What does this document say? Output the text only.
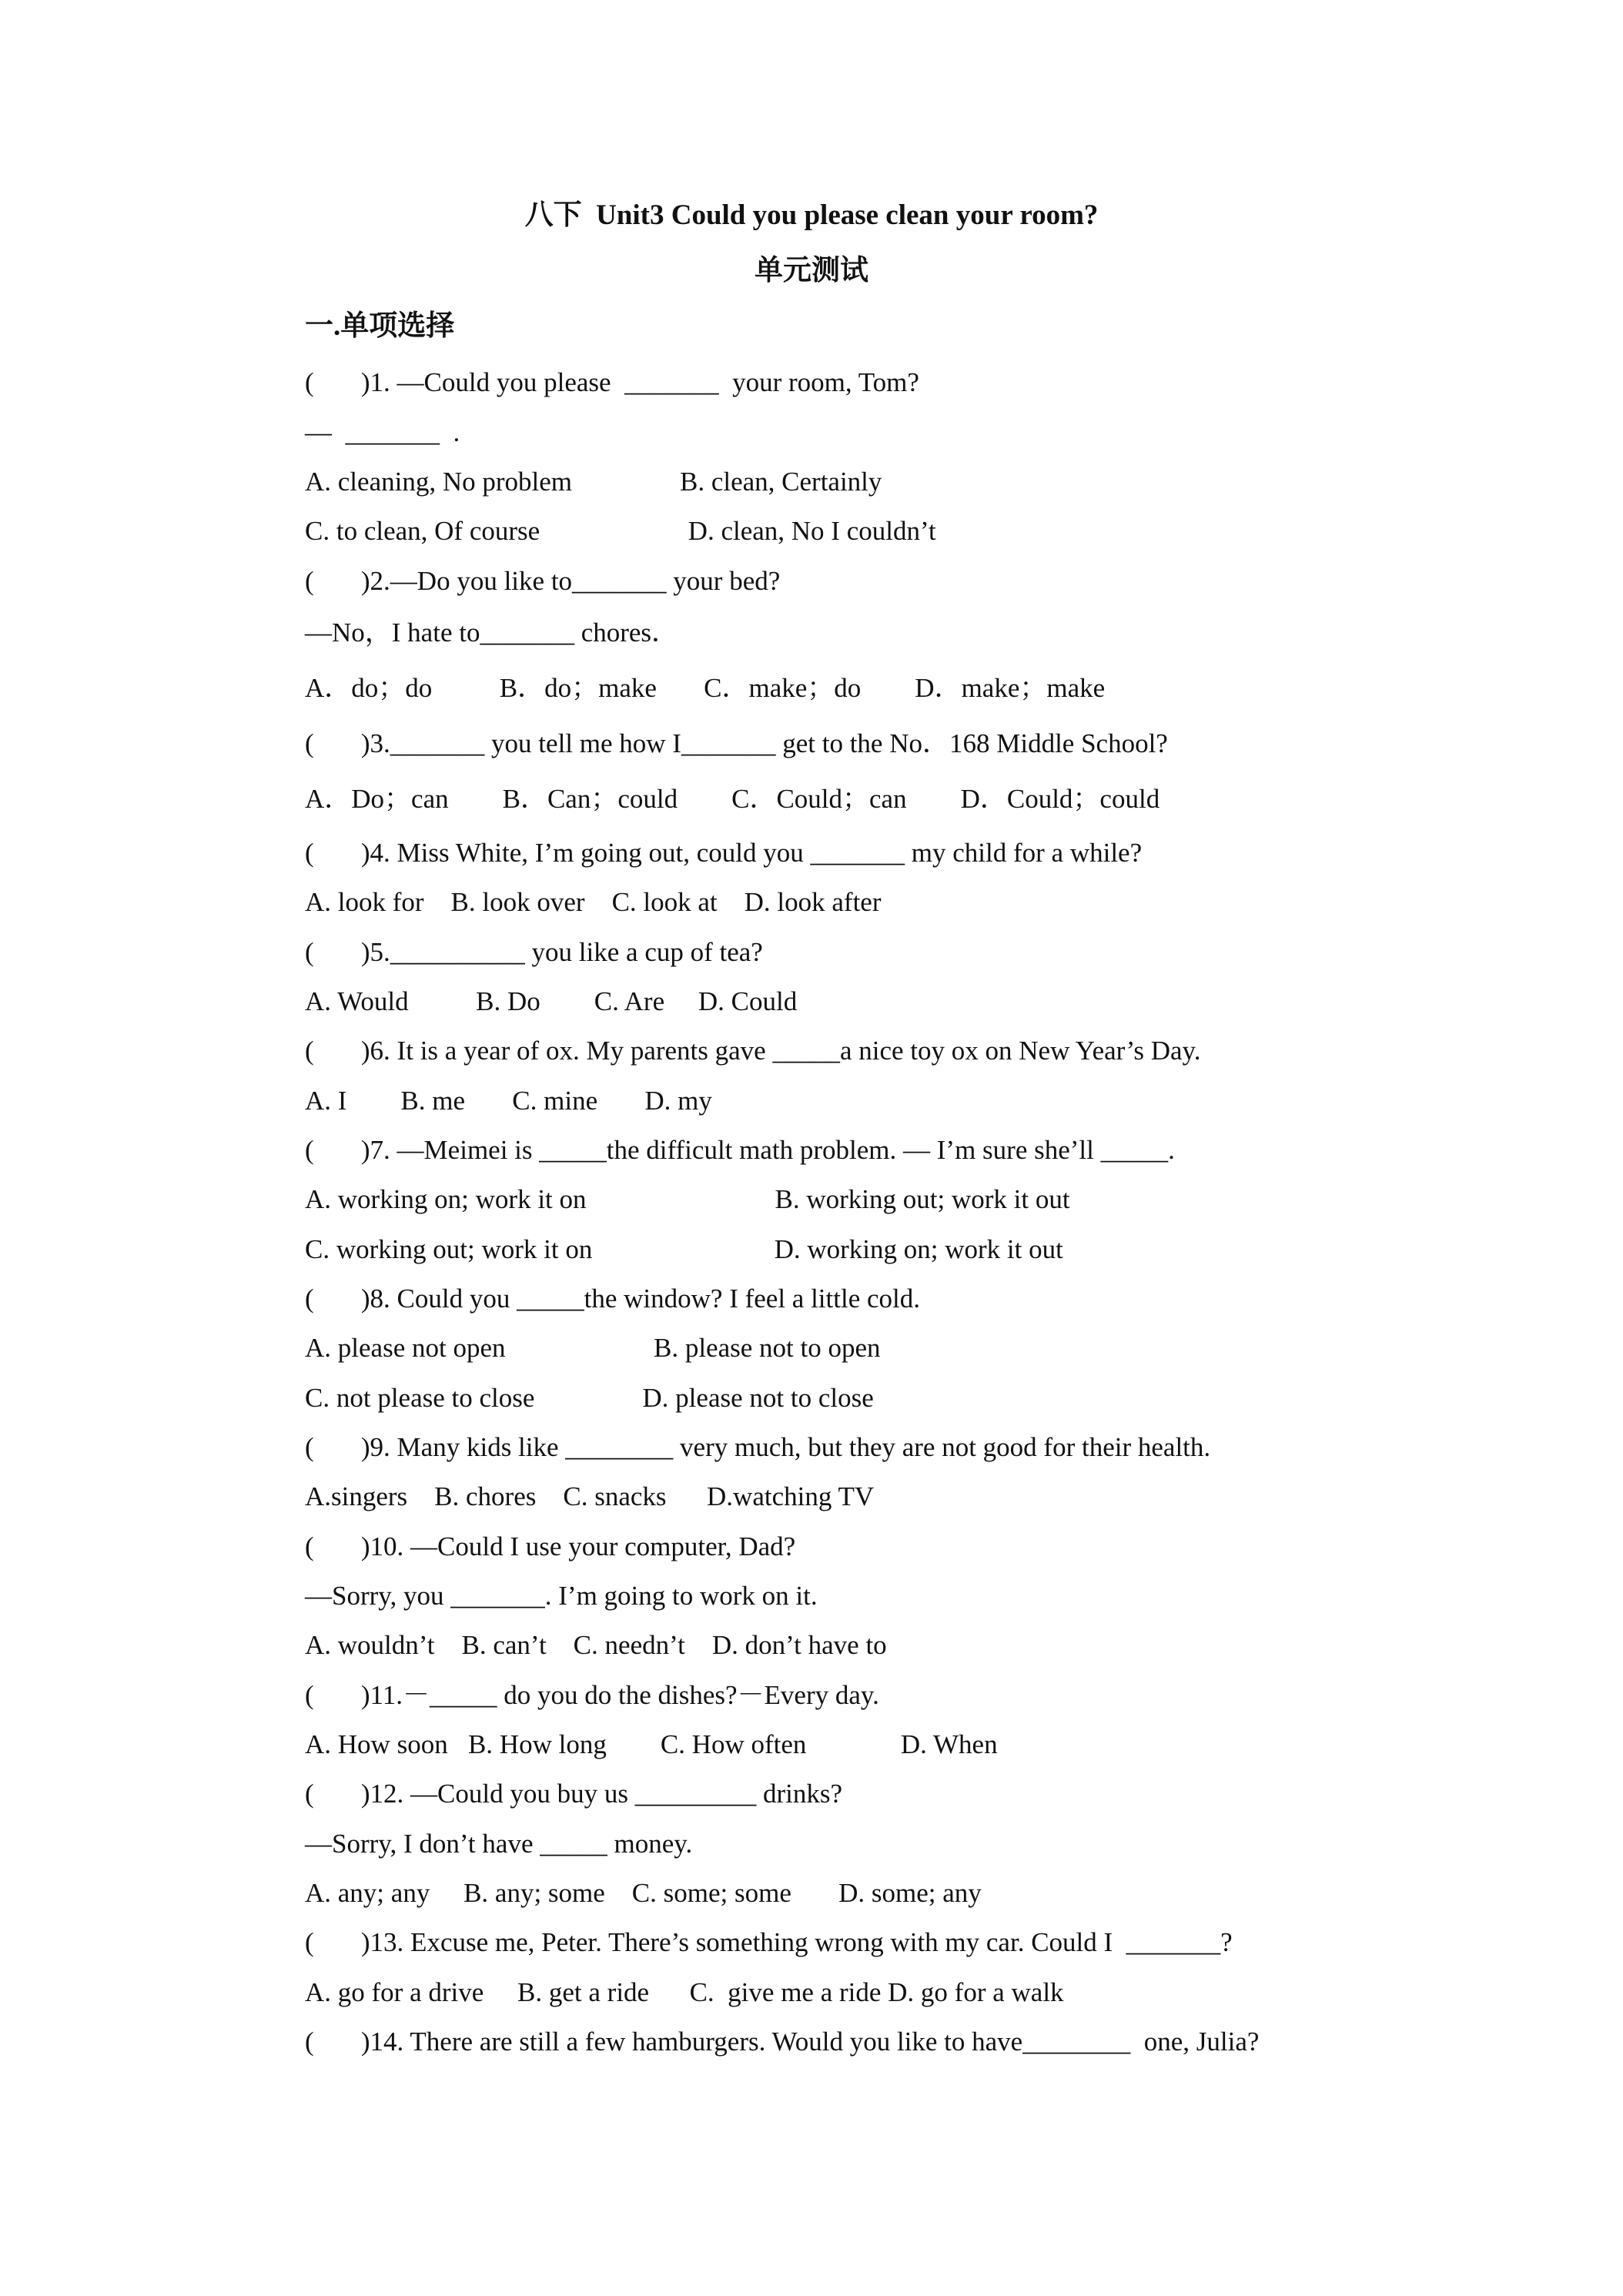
八下  Unit3 Could you please clean your room?
单元测试
一.单项选择
(       )1. —Could you please  _______  your room, Tom?
—  _______  .
A. cleaning, No problem                B. clean, Certainly
C. to clean, Of course                      D. clean, No I couldn’t
(       )2.—Do you like to_______ your bed?
—No，I hate to_______ chores．
A．do；do          B．do；make       C．make；do        D．make；make
(       )3._______ you tell me how I_______ get to the No．168 Middle School?
A．Do；can        B．Can；could        C．Could；can        D．Could；could
(       )4. Miss White, I’m going out, could you _______ my child for a while?
A. look for    B. look over    C. look at    D. look after
(       )5.__________ you like a cup of tea?
A. Would          B. Do        C. Are     D. Could
(       )6. It is a year of ox. My parents gave _____a nice toy ox on New Year’s Day.
A. I        B. me       C. mine       D. my
(       )7. —Meimei is _____the difficult math problem. — I’m sure she’ll _____.
A. working on; work it on                            B. working out; work it out
C. working out; work it on                           D. working on; work it out
(       )8. Could you _____the window? I feel a little cold.
A. please not open                      B. please not to open
C. not please to close                D. please not to close
(       )9. Many kids like ________ very much, but they are not good for their health.
A.singers    B. chores    C. snacks      D.watching TV
(       )10. —Could I use your computer, Dad?
—Sorry, you _______. I’m going to work on it.
A. wouldn’t    B. can’t    C. needn’t    D. don’t have to
(       )11.－_____ do you do the dishes?－Every day.
A. How soon   B. How long        C. How often              D. When
(       )12. —Could you buy us _________ drinks?
—Sorry, I don’t have _____ money.
A. any; any     B. any; some    C. some; some       D. some; any
(       )13. Excuse me, Peter. There’s something wrong with my car. Could I  _______?
A. go for a drive     B. get a ride      C.  give me a ride D. go for a walk
(       )14. There are still a few hamburgers. Would you like to have________  one, Julia?
